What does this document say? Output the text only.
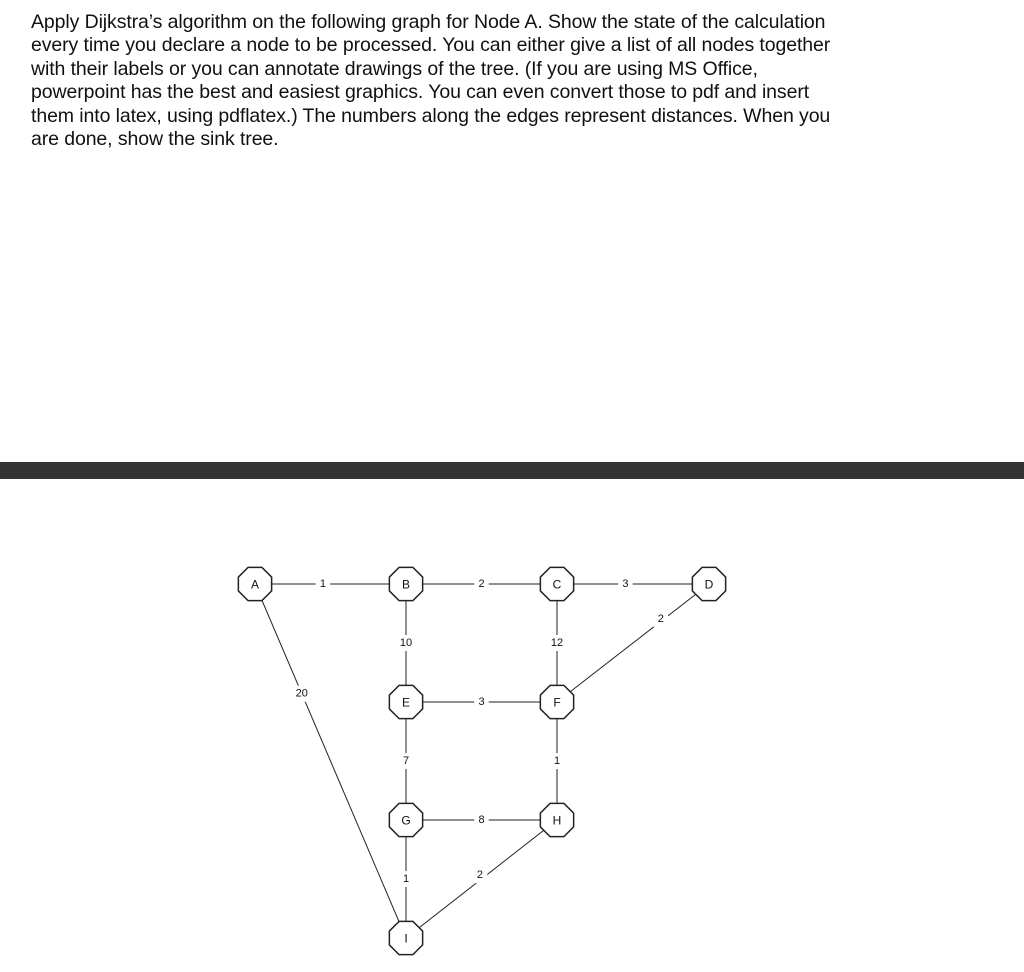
Apply Dijkstra’s algorithm on the following graph for Node A. Show the state of the calculation
every time you declare a node to be processed. You can either give a list of all nodes together
with their labels or you can annotate drawings of the tree. (If you are using MS Office,
powerpoint has the best and easiest graphics. You can even convert those to pdf and insert
them into latex, using pdflatex.) The numbers along the edges represent distances. When you
are done, show the sink tree.
1	2	3
20
10	12
2
3
7	1
8
1	2
A	B	C	D
E	F
G	H
I
